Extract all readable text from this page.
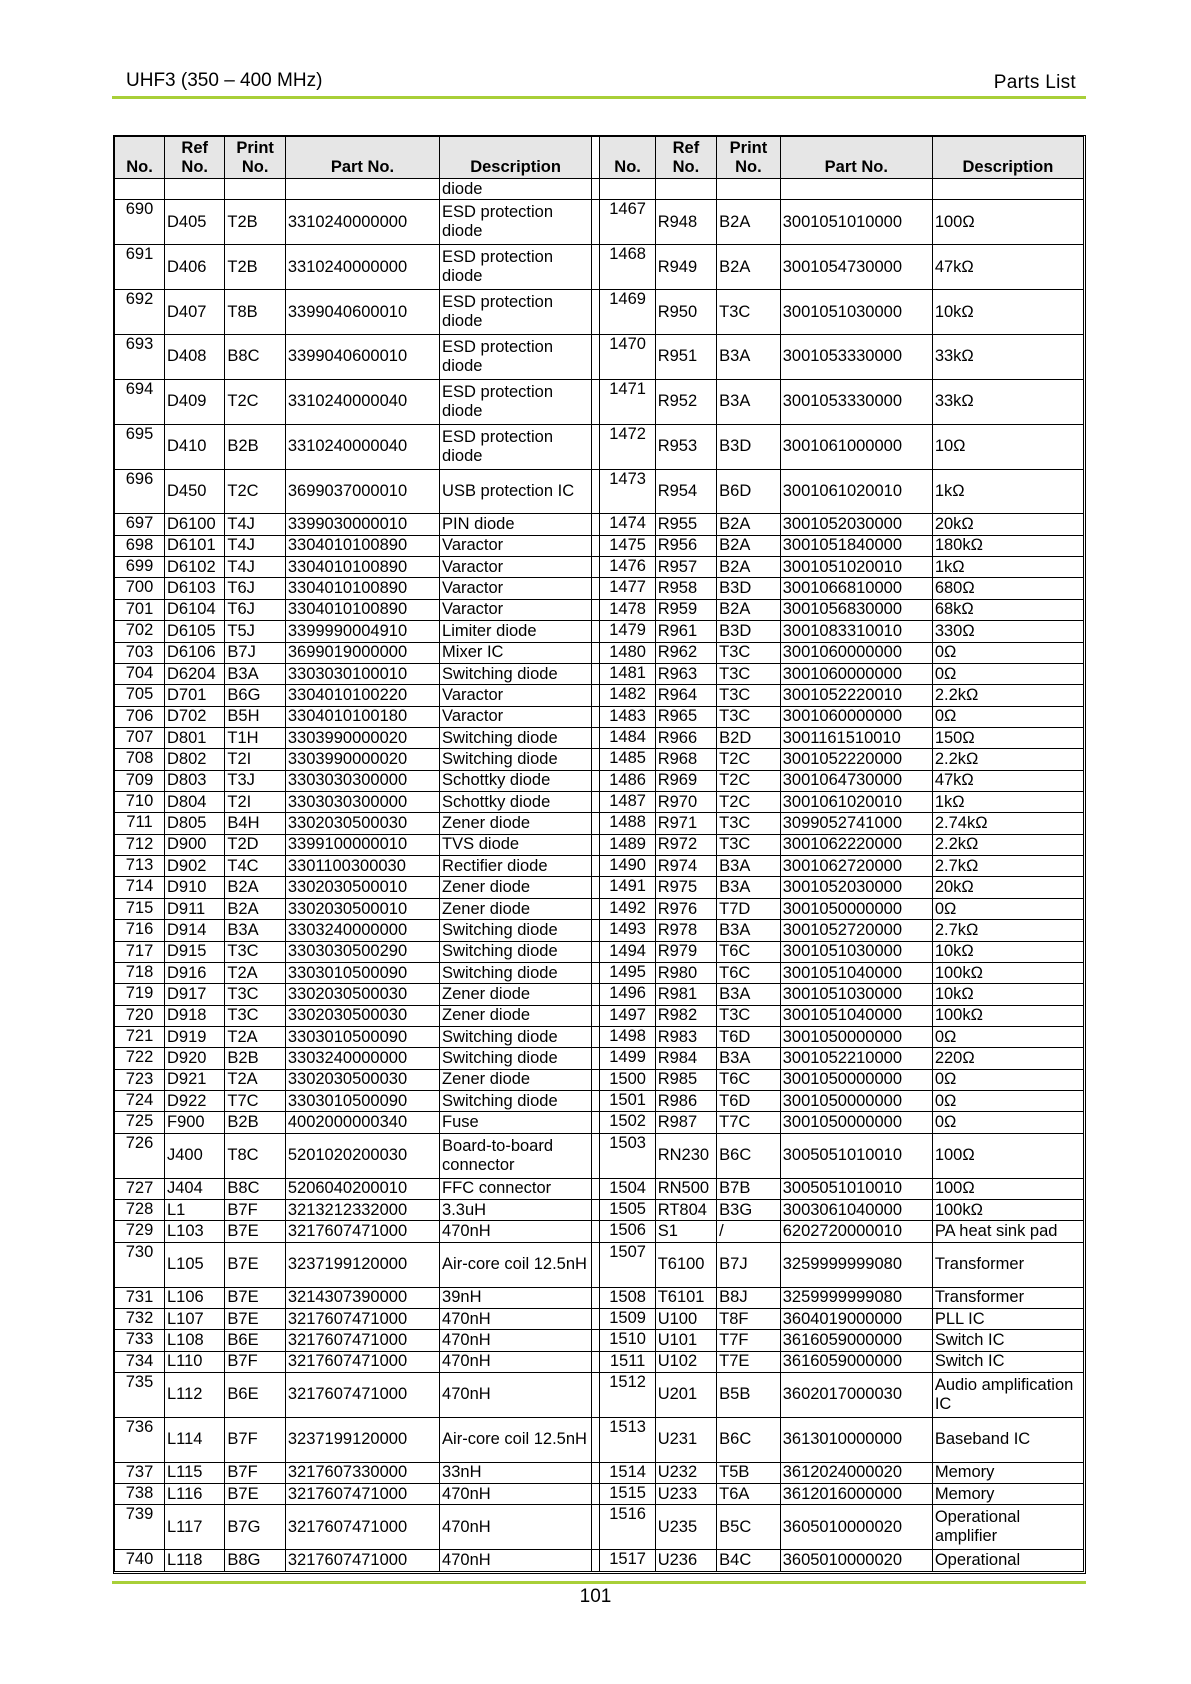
UHF3 (350 – 400 MHz)	Parts List
No.	Ref No.	Print No.	Part No.	Description		No.	Ref No.	Print No.	Part No.	Description
				diode						
690	D405	T2B	3310240000000	ESD protection diode		1467	R948	B2A	3001051010000	100Ω
691	D406	T2B	3310240000000	ESD protection diode		1468	R949	B2A	3001054730000	47kΩ
692	D407	T8B	3399040600010	ESD protection diode		1469	R950	T3C	3001051030000	10kΩ
693	D408	B8C	3399040600010	ESD protection diode		1470	R951	B3A	3001053330000	33kΩ
694	D409	T2C	3310240000040	ESD protection diode		1471	R952	B3A	3001053330000	33kΩ
695	D410	B2B	3310240000040	ESD protection diode		1472	R953	B3D	3001061000000	10Ω
696	D450	T2C	3699037000010	USB protection IC		1473	R954	B6D	3001061020010	1kΩ
697	D6100	T4J	3399030000010	PIN diode		1474	R955	B2A	3001052030000	20kΩ
698	D6101	T4J	3304010100890	Varactor		1475	R956	B2A	3001051840000	180kΩ
699	D6102	T4J	3304010100890	Varactor		1476	R957	B2A	3001051020010	1kΩ
700	D6103	T6J	3304010100890	Varactor		1477	R958	B3D	3001066810000	680Ω
701	D6104	T6J	3304010100890	Varactor		1478	R959	B2A	3001056830000	68kΩ
702	D6105	T5J	3399990004910	Limiter diode		1479	R961	B3D	3001083310010	330Ω
703	D6106	B7J	3699019000000	Mixer IC		1480	R962	T3C	3001060000000	0Ω
704	D6204	B3A	3303030100010	Switching diode		1481	R963	T3C	3001060000000	0Ω
705	D701	B6G	3304010100220	Varactor		1482	R964	T3C	3001052220010	2.2kΩ
706	D702	B5H	3304010100180	Varactor		1483	R965	T3C	3001060000000	0Ω
707	D801	T1H	3303990000020	Switching diode		1484	R966	B2D	3001161510010	150Ω
708	D802	T2I	3303990000020	Switching diode		1485	R968	T2C	3001052220000	2.2kΩ
709	D803	T3J	3303030300000	Schottky diode		1486	R969	T2C	3001064730000	47kΩ
710	D804	T2I	3303030300000	Schottky diode		1487	R970	T2C	3001061020010	1kΩ
711	D805	B4H	3302030500030	Zener diode		1488	R971	T3C	3099052741000	2.74kΩ
712	D900	T2D	3399100000010	TVS diode		1489	R972	T3C	3001062220000	2.2kΩ
713	D902	T4C	3301100300030	Rectifier diode		1490	R974	B3A	3001062720000	2.7kΩ
714	D910	B2A	3302030500010	Zener diode		1491	R975	B3A	3001052030000	20kΩ
715	D911	B2A	3302030500010	Zener diode		1492	R976	T7D	3001050000000	0Ω
716	D914	B3A	3303240000000	Switching diode		1493	R978	B3A	3001052720000	2.7kΩ
717	D915	T3C	3303030500290	Switching diode		1494	R979	T6C	3001051030000	10kΩ
718	D916	T2A	3303010500090	Switching diode		1495	R980	T6C	3001051040000	100kΩ
719	D917	T3C	3302030500030	Zener diode		1496	R981	B3A	3001051030000	10kΩ
720	D918	T3C	3302030500030	Zener diode		1497	R982	T3C	3001051040000	100kΩ
721	D919	T2A	3303010500090	Switching diode		1498	R983	T6D	3001050000000	0Ω
722	D920	B2B	3303240000000	Switching diode		1499	R984	B3A	3001052210000	220Ω
723	D921	T2A	3302030500030	Zener diode		1500	R985	T6C	3001050000000	0Ω
724	D922	T7C	3303010500090	Switching diode		1501	R986	T6D	3001050000000	0Ω
725	F900	B2B	4002000000340	Fuse		1502	R987	T7C	3001050000000	0Ω
726	J400	T8C	5201020200030	Board-to-board connector		1503	RN230	B6C	3005051010010	100Ω
727	J404	B8C	5206040200010	FFC connector		1504	RN500	B7B	3005051010010	100Ω
728	L1	B7F	3213212332000	3.3uH		1505	RT804	B3G	3003061040000	100kΩ
729	L103	B7E	3217607471000	470nH		1506	S1	/	6202720000010	PA heat sink pad
730	L105	B7E	3237199120000	Air-core coil 12.5nH		1507	T6100	B7J	3259999999080	Transformer
731	L106	B7E	3214307390000	39nH		1508	T6101	B8J	3259999999080	Transformer
732	L107	B7E	3217607471000	470nH		1509	U100	T8F	3604019000000	PLL IC
733	L108	B6E	3217607471000	470nH		1510	U101	T7F	3616059000000	Switch IC
734	L110	B7F	3217607471000	470nH		1511	U102	T7E	3616059000000	Switch IC
735	L112	B6E	3217607471000	470nH		1512	U201	B5B	3602017000030	Audio amplification IC
736	L114	B7F	3237199120000	Air-core coil 12.5nH		1513	U231	B6C	3613010000000	Baseband IC
737	L115	B7F	3217607330000	33nH		1514	U232	T5B	3612024000020	Memory
738	L116	B7E	3217607471000	470nH		1515	U233	T6A	3612016000000	Memory
739	L117	B7G	3217607471000	470nH		1516	U235	B5C	3605010000020	Operational amplifier
740	L118	B8G	3217607471000	470nH		1517	U236	B4C	3605010000020	Operational
101
